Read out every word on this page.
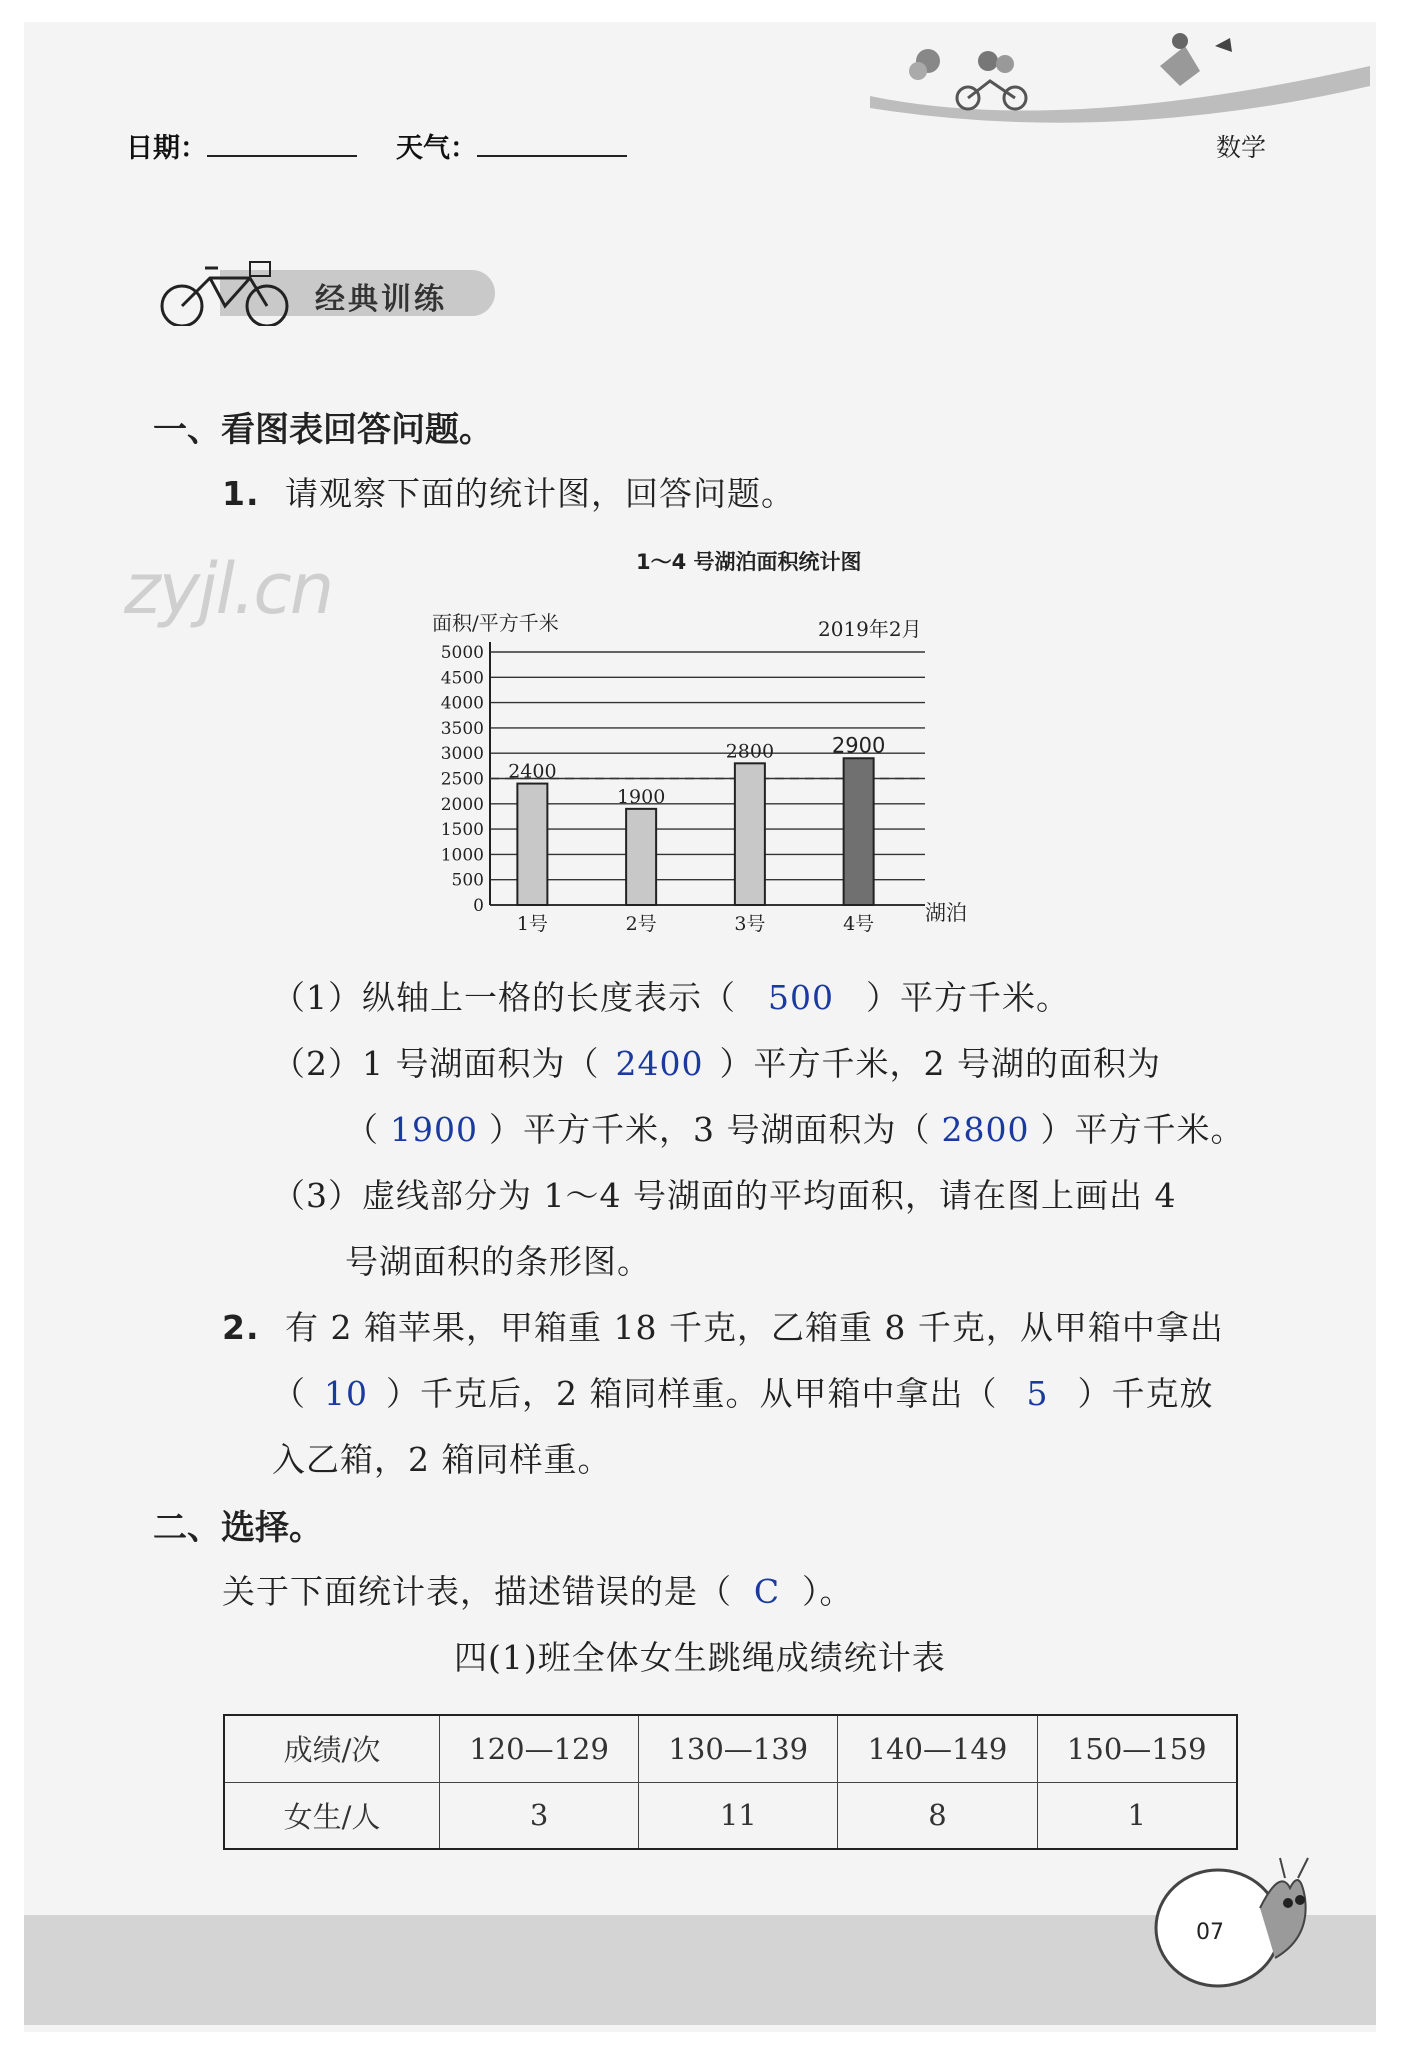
日期：	天气：	数学
经典训练
一、看图表回答问题。
1. 请观察下面的统计图，回答问题。
zyjl.cn	1～4 号湖泊面积统计图
面积/平方千米	2019年2月
湖泊
0
500
1000
1500
2000
2500
3000
3500
4000
4500
5000
2400
1号
1900
2号
2800
3号
2900
4号
（1）纵轴上一格的长度表示（ 500 ）平方千米。
（2）1 号湖面积为（ 2400 ）平方千米，2 号湖的面积为
（ 1900 ）平方千米，3 号湖面积为（ 2800 ）平方千米。
（3）虚线部分为 1～4 号湖面的平均面积，请在图上画出 4
号湖面积的条形图。
2. 有 2 箱苹果，甲箱重 18 千克，乙箱重 8 千克，从甲箱中拿出
（ 10 ）千克后，2 箱同样重。从甲箱中拿出（ 5 ）千克放
入乙箱，2 箱同样重。
二、选择。
关于下面统计表，描述错误的是（ C ）。
四(1)班全体女生跳绳成绩统计表
成绩/次	120—129	130—139	140—149	150—159
女生/人	3	11	8	1
07
